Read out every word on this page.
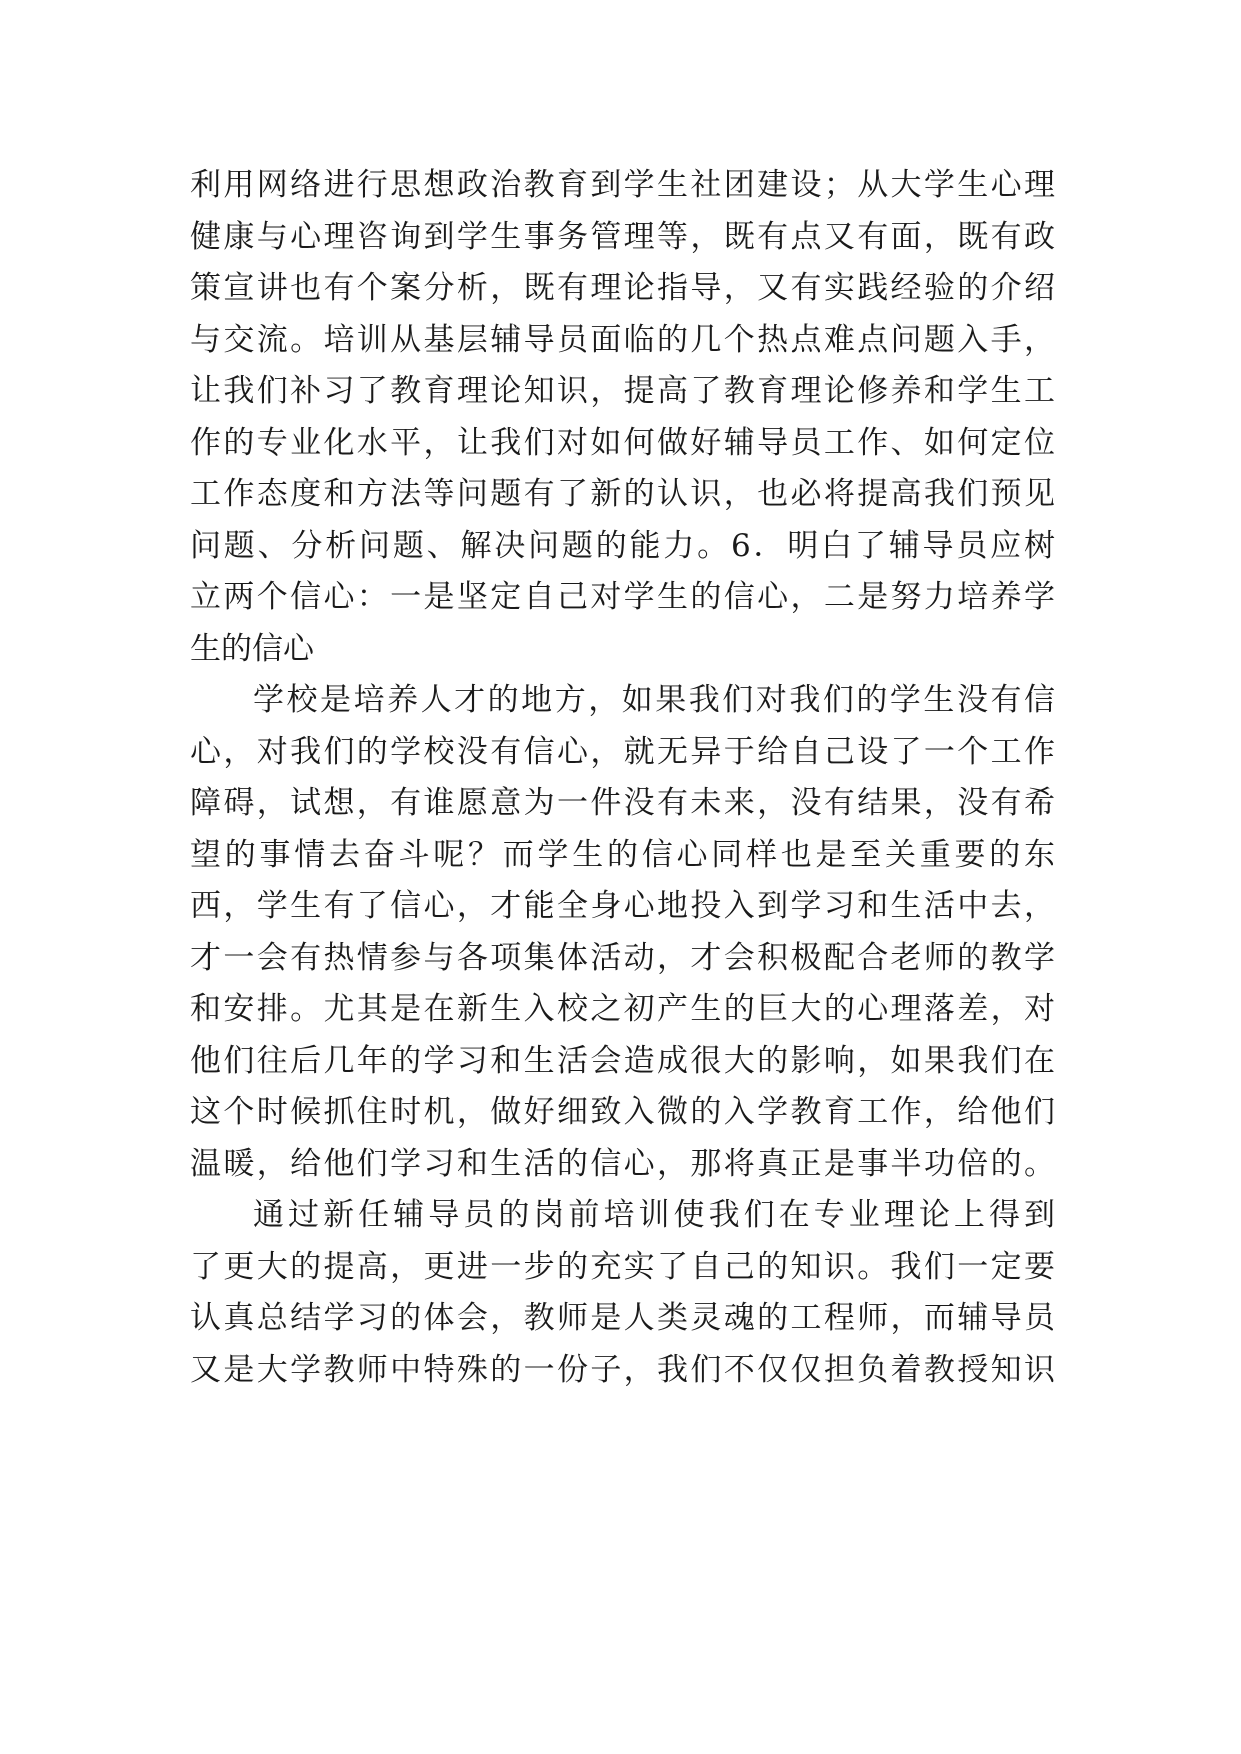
利用网络进行思想政治教育到学生社团建设；从大学生心理
健康与心理咨询到学生事务管理等，既有点又有面，既有政
策宣讲也有个案分析，既有理论指导，又有实践经验的介绍
与交流。培训从基层辅导员面临的几个热点难点问题入手，
让我们补习了教育理论知识，提高了教育理论修养和学生工
作的专业化水平，让我们对如何做好辅导员工作、如何定位
工作态度和方法等问题有了新的认识，也必将提高我们预见
问题、分析问题、解决问题的能力。6．明白了辅导员应树
立两个信心：一是坚定自己对学生的信心，二是努力培养学
生的信心
学校是培养人才的地方，如果我们对我们的学生没有信
心，对我们的学校没有信心，就无异于给自己设了一个工作
障碍，试想，有谁愿意为一件没有未来，没有结果，没有希
望的事情去奋斗呢？而学生的信心同样也是至关重要的东
西，学生有了信心，才能全身心地投入到学习和生活中去，
才一会有热情参与各项集体活动，才会积极配合老师的教学
和安排。尤其是在新生入校之初产生的巨大的心理落差，对
他们往后几年的学习和生活会造成很大的影响，如果我们在
这个时候抓住时机，做好细致入微的入学教育工作，给他们
温暖，给他们学习和生活的信心，那将真正是事半功倍的。
通过新任辅导员的岗前培训使我们在专业理论上得到
了更大的提高，更进一步的充实了自己的知识。我们一定要
认真总结学习的体会，教师是人类灵魂的工程师，而辅导员
又是大学教师中特殊的一份子，我们不仅仅担负着教授知识
